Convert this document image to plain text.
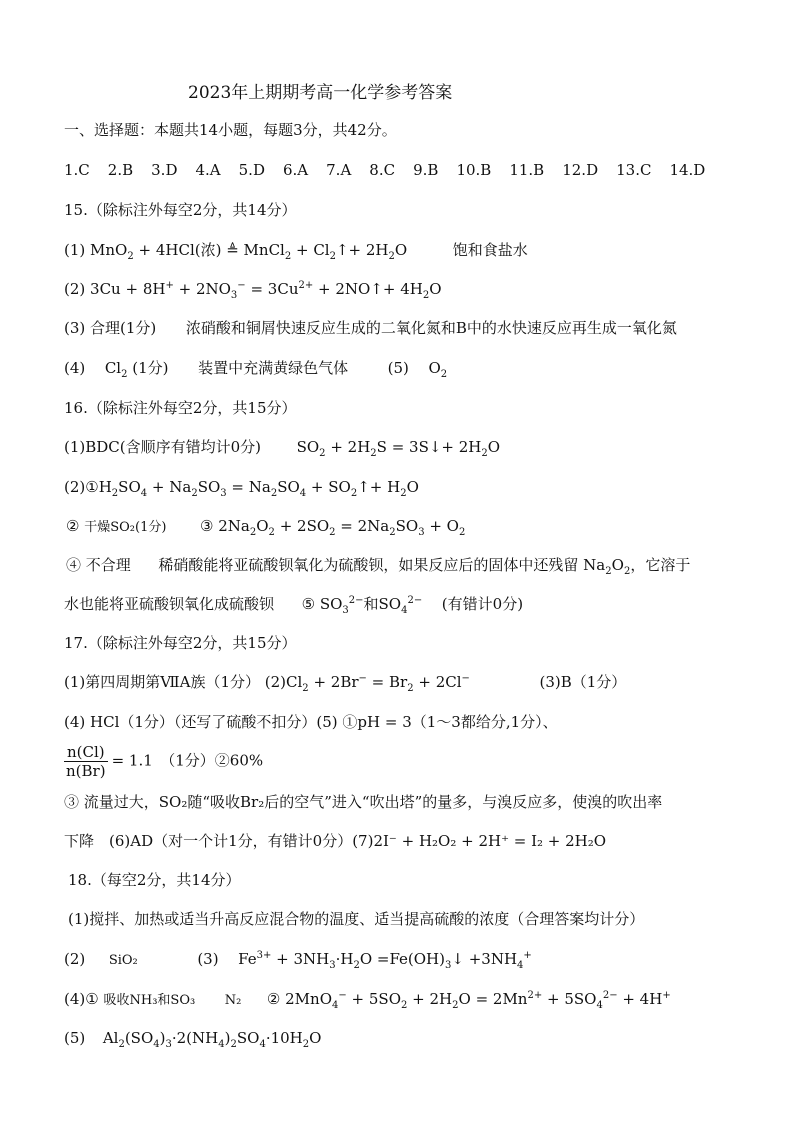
2023年上期期考高一化学参考答案
一、选择题：本题共14小题，每题3分，共42分。
1.C 2.B 3.D 4.A 5.D 6.A 7.A 8.C 9.B 10.B 11.B 12.D 13.C 14.D
15.（除标注外每空2分，共14分）
(1) MnO$_2$ + 4HCl(浓) ≜ MnCl$_2$ + $Cl_2↑+ 2H_2O$	饱和食盐水
(2) $3Cu + 8H^+ + 2NO_3^- = 3Cu^{2+}$ + 2NO↑+ $4H_2O$
(3) 合理(1分) 浓硝酸和铜屑快速反应生成的二氧化氮和B中的水快速反应再生成一氧化氮
(4) $Cl_2$ (1分) 装置中充满黄绿色气体	(5) $O_2$
16.（除标注外每空2分，共15分）
(1)BDC(含顺序有错均计0分) $SO_2 + 2H_2S$ = 3S↓+ $2H_2O$
$(2)①H_2SO_4 + Na_2SO_3 = Na_2SO_4$ + $SO_2↑+ H_2O$
② 干燥SO₂(1分) ③ $2Na_2O_2 + 2SO_2 = 2Na_2SO_3 + O_2$
④ 不合理 稀硝酸能将亚硫酸钡氧化为硫酸钡，如果反应后的固体中还残留 $Na_2O_2$，它溶于
水也能将亚硫酸钡氧化成硫酸钡 ⑤ $SO_3^{2-}$和$SO_4^{2-}$ (有错计0分)
17.（除标注外每空2分，共15分）
(1)第四周期第ⅦA族（1分） $(2)Cl_2 + 2Br^- = Br_2 + 2Cl^-$	(3)B（1分）
(4) HCl（1分）（还写了硫酸不扣分）(5) ①pH = 3（1～3都给分,1分）、
$\frac{n(Cl)}{n(Br)} = 1.1$　（1分）②60%
③ 流量过大，SO₂随“吸收Br₂后的空气”进入“吹出塔”的量多，与溴反应多，使溴的吹出率
下降　(6)AD（对一个计1分，有错计0分）(7)2I⁻ + H₂O₂ + 2H⁺ = I₂ + 2H₂O
18.（每空2分，共14分）
(1)搅拌、加热或适当升高反应混合物的温度、适当提高硫酸的浓度（合理答案均计分）
(2) SiO₂	(3) $Fe^{3+} + 3NH_3\cdot H_2O$ $=Fe(OH)_3↓ +3NH_4^+$
(4)① 吸收NH₃和SO₃ N₂ ② $2MnO_4^- + 5SO_2 + 2H_2O = 2Mn^{2+} + 5SO_4^{2-} + 4H^+$
(5) $Al_2(SO_4)_3\cdot 2(NH_4)_2SO_4\cdot 10H_2O$
